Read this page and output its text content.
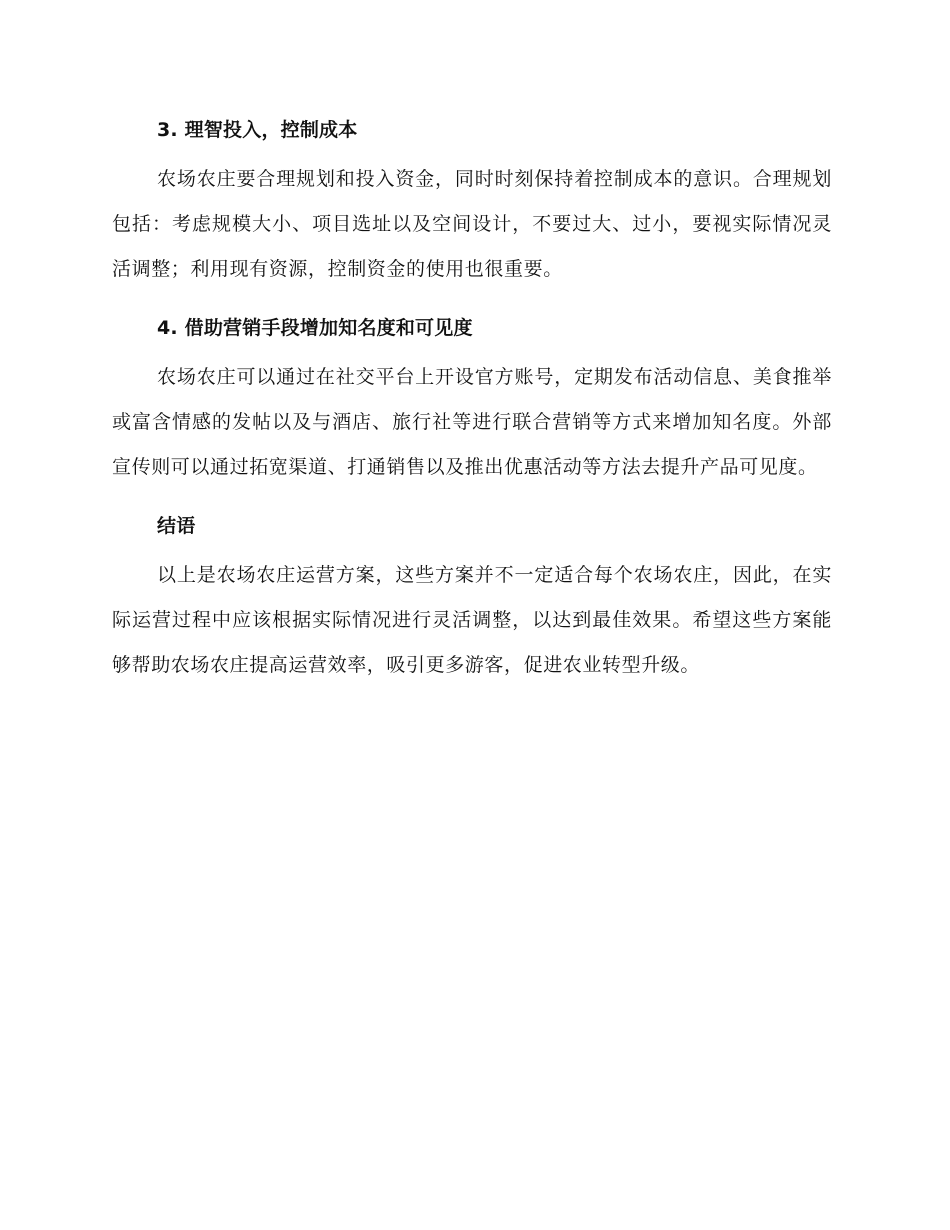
3. 理智投入，控制成本

农场农庄要合理规划和投入资金，同时时刻保持着控制成本的意识。合理规划包括：考虑规模大小、项目选址以及空间设计，不要过大、过小，要视实际情况灵活调整；利用现有资源，控制资金的使用也很重要。

4. 借助营销手段增加知名度和可见度

农场农庄可以通过在社交平台上开设官方账号，定期发布活动信息、美食推举或富含情感的发帖以及与酒店、旅行社等进行联合营销等方式来增加知名度。外部宣传则可以通过拓宽渠道、打通销售以及推出优惠活动等方法去提升产品可见度。

结语

以上是农场农庄运营方案，这些方案并不一定适合每个农场农庄，因此，在实际运营过程中应该根据实际情况进行灵活调整，以达到最佳效果。希望这些方案能够帮助农场农庄提高运营效率，吸引更多游客，促进农业转型升级。
